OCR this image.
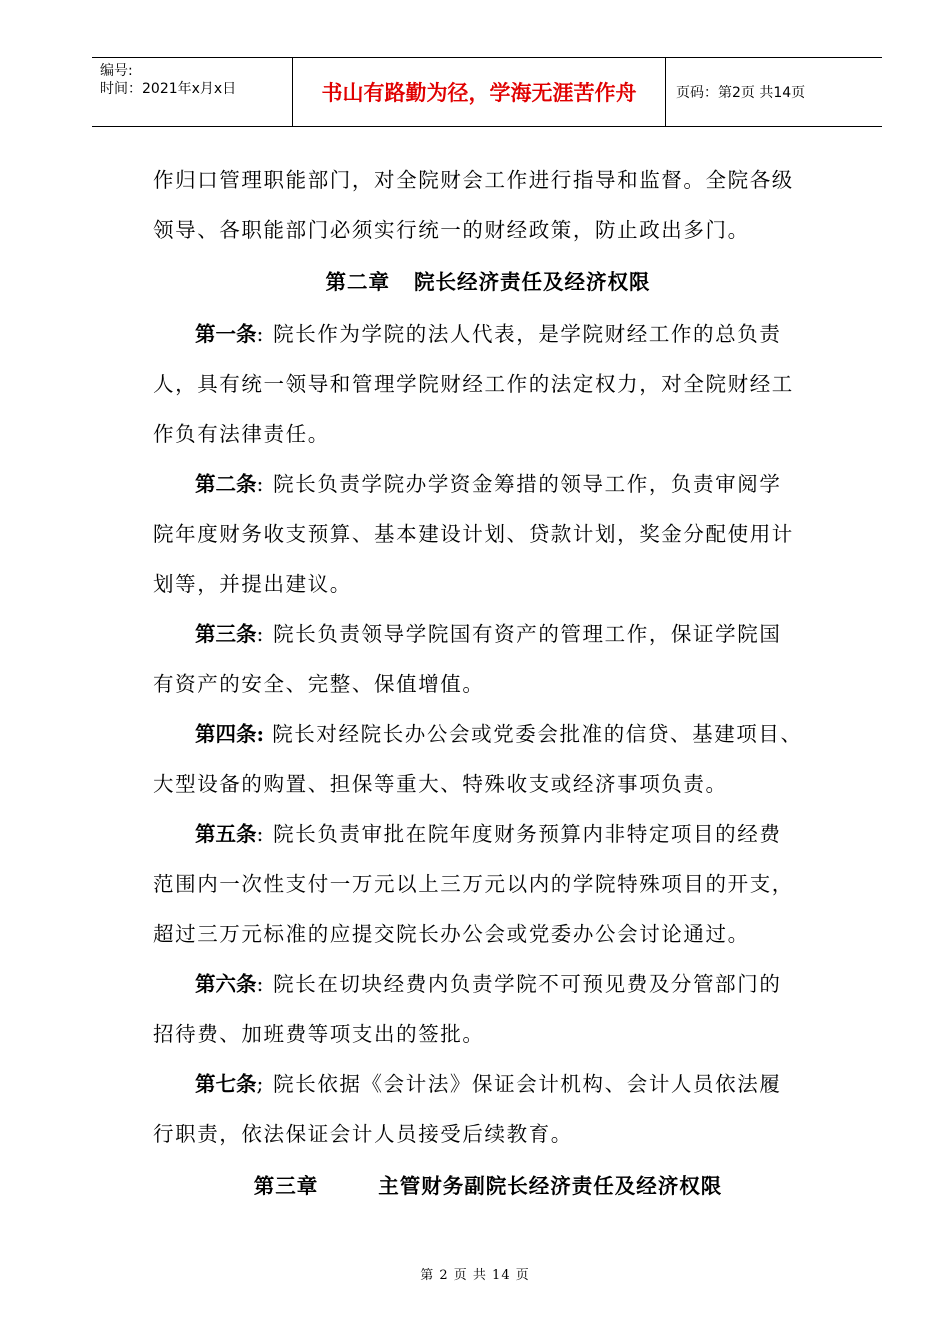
编号:
时间：2021年x月x日	书山有路勤为径，学海无涯苦作舟	页码：第2页 共14页
作归口管理职能部门，对全院财会工作进行指导和监督。全院各级
领导、各职能部门必须实行统一的财经政策，防止政出多门。
第二章 院长经济责任及经济权限
第一条: 院长作为学院的法人代表，是学院财经工作的总负责
人，具有统一领导和管理学院财经工作的法定权力，对全院财经工
作负有法律责任。
第二条: 院长负责学院办学资金筹措的领导工作，负责审阅学
院年度财务收支预算、基本建设计划、贷款计划，奖金分配使用计
划等，并提出建议。
第三条: 院长负责领导学院国有资产的管理工作，保证学院国
有资产的安全、完整、保值增值。
第四条: 院长对经院长办公会或党委会批准的信贷、基建项目、
大型设备的购置、担保等重大、特殊收支或经济事项负责。
第五条: 院长负责审批在院年度财务预算内非特定项目的经费
范围内一次性支付一万元以上三万元以内的学院特殊项目的开支，
超过三万元标准的应提交院长办公会或党委办公会讨论通过。
第六条: 院长在切块经费内负责学院不可预见费及分管部门的
招待费、加班费等项支出的签批。
第七条; 院长依据《会计法》保证会计机构、会计人员依法履
行职责，依法保证会计人员接受后续教育。
第三章	主管财务副院长经济责任及经济权限
第 2 页 共 14 页
